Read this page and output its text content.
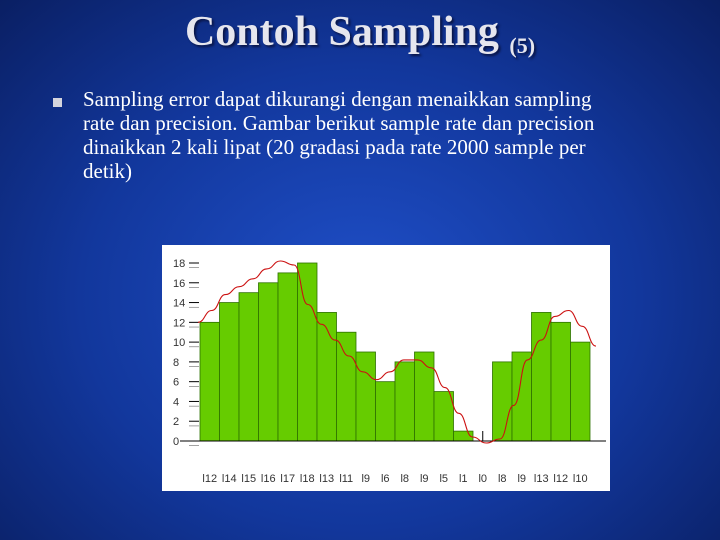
Contoh Sampling $_{(5)}$
Sampling error dapat dikurangi dengan menaikkan sampling rate dan precision. Gambar berikut sample rate dan precision dinaikkan 2 kali lipat (20 gradasi pada rate 2000 sample per detik)
18
16
14
12
10
8
6
4
2
0
l12 l14 l15 l16 l17 l18 l13 l11 l9 l6 l8 l9 l5 l1 l0 l8 l9 l13 l12 l10
